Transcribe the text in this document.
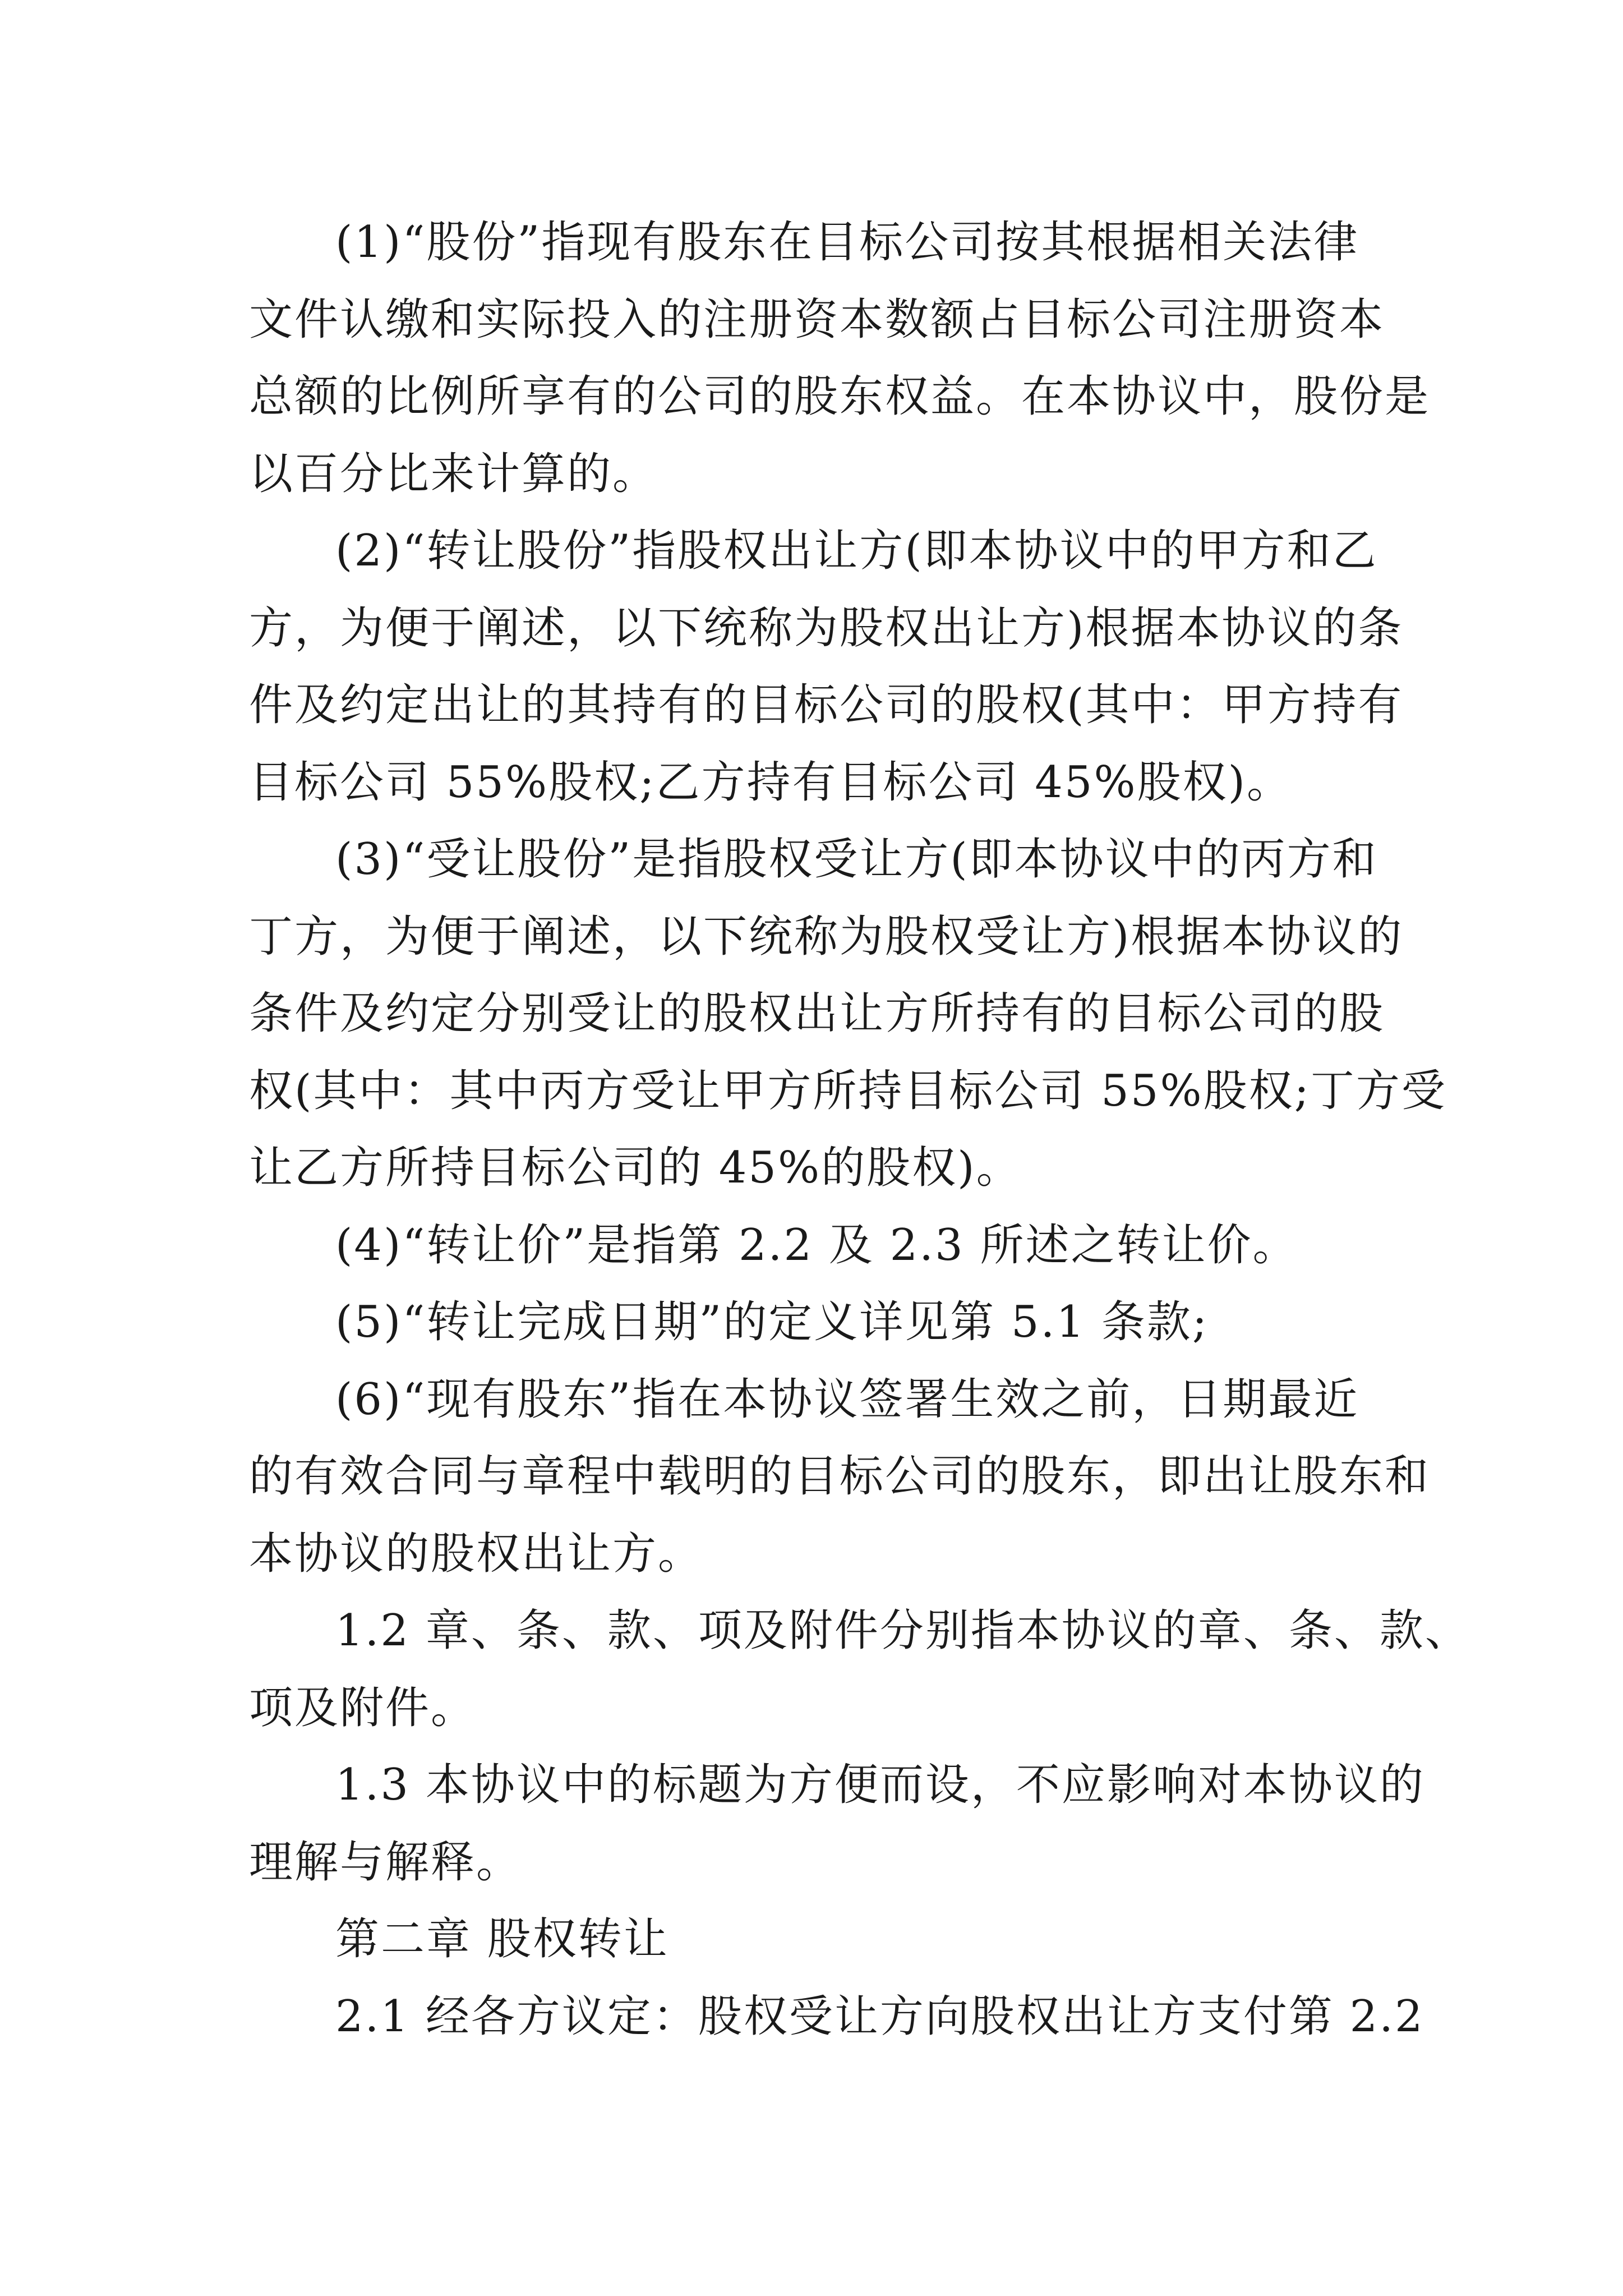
(1)“股份”指现有股东在目标公司按其根据相关法律
文件认缴和实际投入的注册资本数额占目标公司注册资本
总额的比例所享有的公司的股东权益。在本协议中，股份是
以百分比来计算的。
(2)“转让股份”指股权出让方(即本协议中的甲方和乙
方，为便于阐述，以下统称为股权出让方)根据本协议的条
件及约定出让的其持有的目标公司的股权(其中：甲方持有
目标公司 55%股权;乙方持有目标公司 45%股权)。
(3)“受让股份”是指股权受让方(即本协议中的丙方和
丁方，为便于阐述，以下统称为股权受让方)根据本协议的
条件及约定分别受让的股权出让方所持有的目标公司的股
权(其中：其中丙方受让甲方所持目标公司 55%股权;丁方受
让乙方所持目标公司的 45%的股权)。
(4)“转让价”是指第 2.2 及 2.3 所述之转让价。
(5)“转让完成日期”的定义详见第 5.1 条款;
(6)“现有股东”指在本协议签署生效之前，日期最近
的有效合同与章程中载明的目标公司的股东，即出让股东和
本协议的股权出让方。
1.2 章、条、款、项及附件分别指本协议的章、条、款、
项及附件。
1.3 本协议中的标题为方便而设，不应影响对本协议的
理解与解释。
第二章 股权转让
2.1 经各方议定：股权受让方向股权出让方支付第 2.2
